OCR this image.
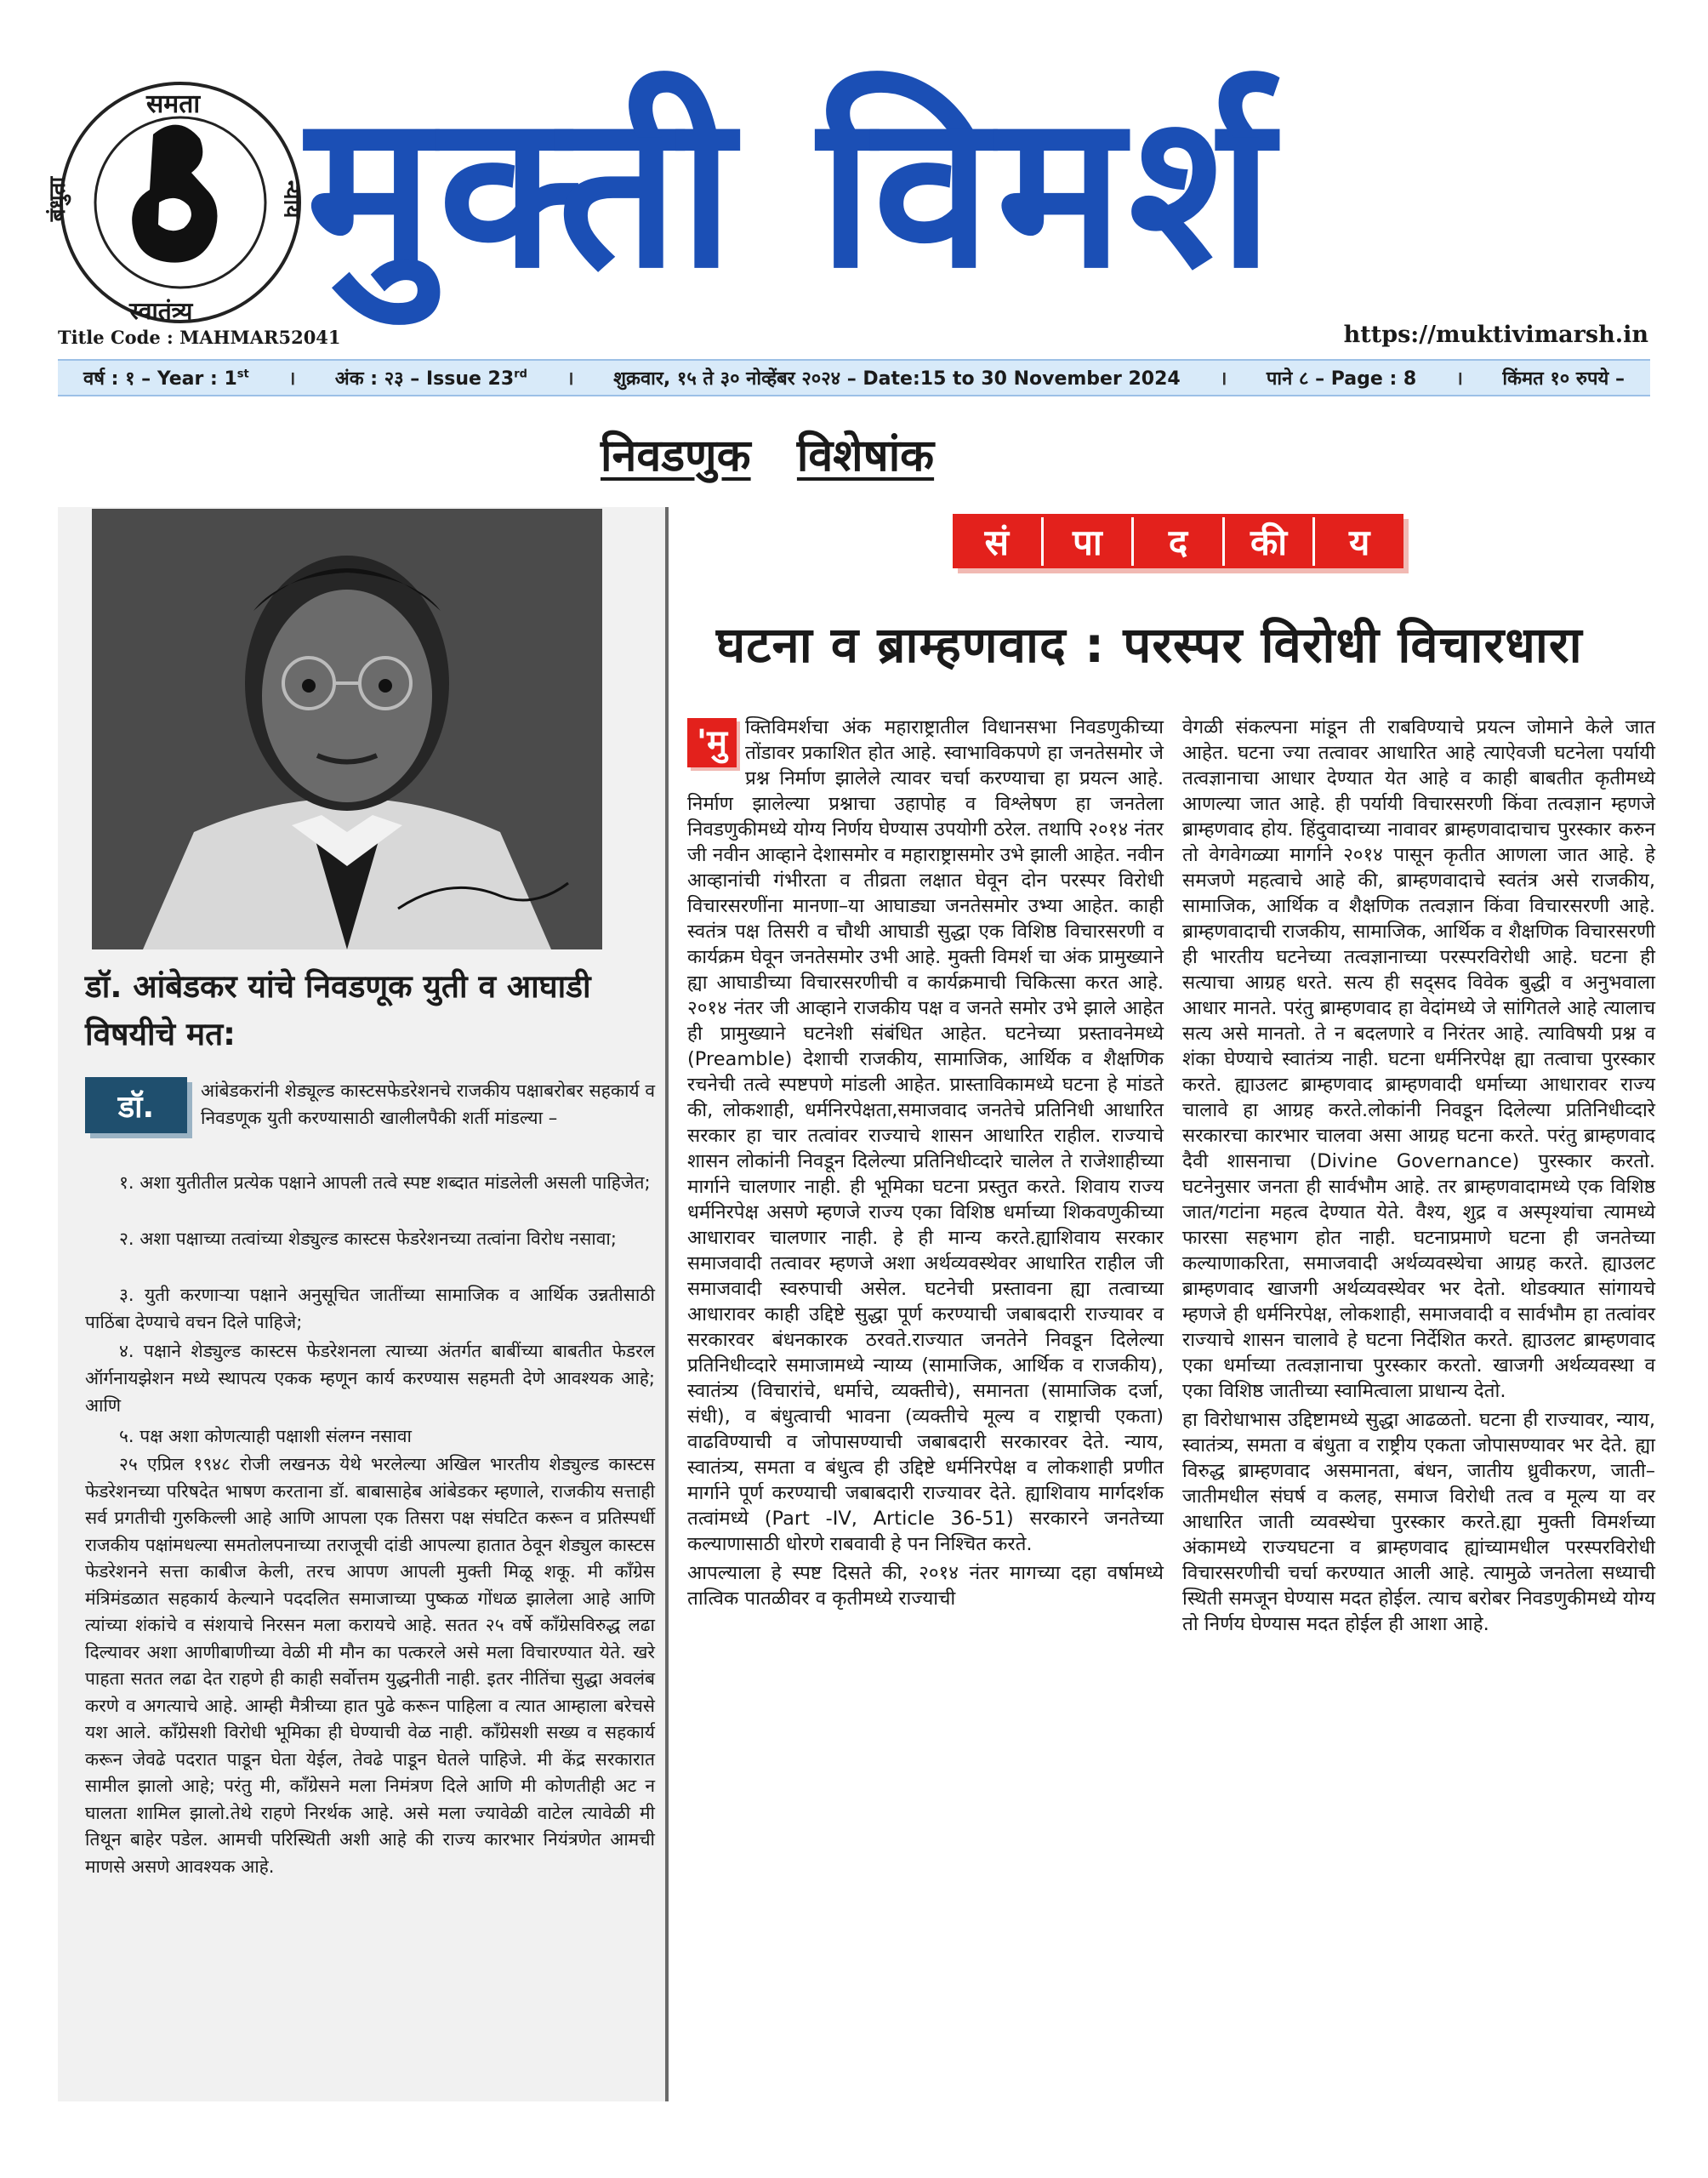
समता
बंधुता	न्याय
स्वातंत्र्य मुक्ती विमर्श
Title Code : MAHMAR52041	https://muktivimarsh.in
वर्ष : १ – Year : 1st । अंक : २३ – Issue 23rd । शुक्रवार, १५ ते ३० नोव्हेंबर २०२४ – Date:15 to 30 November 2024 । पाने ८ – Page : 8 । किंमत १० रुपये –
निवडणुक विशेषांक
डॉ. आंबेडकर यांचे निवडणूक युती व आघाडी विषयीचे मत:
डॉ.	आंबेडकरांनी शेड्यूल्ड कास्टसफेडरेशनचे राजकीय पक्षाबरोबर सहकार्य व निवडणूक युती करण्यासाठी खालीलपैकी शर्ती मांडल्या –

१. अशा युतीतील प्रत्येक पक्षाने आपली तत्वे स्पष्ट शब्दात मांडलेली असली पाहिजेत;

२. अशा पक्षाच्या तत्वांच्या शेड्युल्ड कास्टस फेडरेशनच्या तत्वांना विरोध नसावा;

३. युती करणाऱ्या पक्षाने अनुसूचित जातींच्या सामाजिक व आर्थिक उन्नतीसाठी पाठिंबा देण्याचे वचन दिले पाहिजे;

४. पक्षाने शेड्युल्ड कास्टस फेडरेशनला त्याच्या अंतर्गत बाबींच्या बाबतीत फेडरल ऑर्गनायझेशन मध्ये स्थापत्य एकक म्हणून कार्य करण्यास सहमती देणे आवश्यक आहे; आणि

५. पक्ष अशा कोणत्याही पक्षाशी संलग्न नसावा

२५ एप्रिल १९४८ रोजी लखनऊ येथे भरलेल्या अखिल भारतीय शेड्युल्ड कास्टस फेडरेशनच्या परिषदेत भाषण करताना डॉ. बाबासाहेब आंबेडकर म्हणाले, राजकीय सत्ताही सर्व प्रगतीची गुरुकिल्ली आहे आणि आपला एक तिसरा पक्ष संघटित करून व प्रतिस्पर्धी राजकीय पक्षांमधल्या समतोलपनाच्या तराजूची दांडी आपल्या हातात ठेवून शेड्युल कास्टस फेडरेशनने सत्ता काबीज केली, तरच आपण आपली मुक्ती मिळू शकू. मी कॉंग्रेस मंत्रिमंडळात सहकार्य केल्याने पददलित समाजाच्या पुष्कळ गोंधळ झालेला आहे आणि त्यांच्या शंकांचे व संशयाचे निरसन मला करायचे आहे. सतत २५ वर्षे कॉंग्रेसविरुद्ध लढा दिल्यावर अशा आणीबाणीच्या वेळी मी मौन का पत्करले असे मला विचारण्यात येते. खरे पाहता सतत लढा देत राहणे ही काही सर्वोत्तम युद्धनीती नाही. इतर नीतिंचा सुद्धा अवलंब करणे व अगत्याचे आहे. आम्ही मैत्रीच्या हात पुढे करून पाहिला व त्यात आम्हाला बरेचसे यश आले. कॉंग्रेसशी विरोधी भूमिका ही घेण्याची वेळ नाही. कॉंग्रेसशी सख्य व सहकार्य करून जेवढे पदरात पाडून घेता येईल, तेवढे पाडून घेतले पाहिजे. मी केंद्र सरकारात सामील झालो आहे; परंतु मी, कॉंग्रेसने मला निमंत्रण दिले आणि मी कोणतीही अट न घालता शामिल झालो.तेथे राहणे निरर्थक आहे. असे मला ज्यावेळी वाटेल त्यावेळी मी तिथून बाहेर पडेल. आमची परिस्थिती अशी आहे की राज्य कारभार नियंत्रणेत आमची माणसे असणे आवश्यक आहे.

सं	पा	द	की	य
घटना व ब्राम्हणवाद : परस्पर विरोधी विचारधारा

'मु क्तिविमर्शचा अंक महाराष्ट्रातील विधानसभा निवडणुकीच्या तोंडावर प्रकाशित होत आहे. स्वाभाविकपणे हा जनतेसमोर जे प्रश्न निर्माण झालेले त्यावर चर्चा करण्याचा हा प्रयत्न आहे. निर्माण झालेल्या प्रश्नाचा उहापोह व विश्लेषण हा जनतेला निवडणुकीमध्ये योग्य निर्णय घेण्यास उपयोगी ठरेल. तथापि २०१४ नंतर जी नवीन आव्हाने देशासमोर व महाराष्ट्रासमोर उभे झाली आहेत. नवीन आव्हानांची गंभीरता व तीव्रता लक्षात घेवून दोन परस्पर विरोधी विचारसरणींना मानणा–या आघाड्या जनतेसमोर उभ्या आहेत. काही स्वतंत्र पक्ष तिसरी व चौथी आघाडी सुद्धा एक विशिष्ठ विचारसरणी व कार्यक्रम घेवून जनतेसमोर उभी आहे. मुक्ती विमर्श चा अंक प्रामुख्याने ह्या आघाडीच्या विचारसरणीची व कार्यक्रमाची चिकित्सा करत आहे. २०१४ नंतर जी आव्हाने राजकीय पक्ष व जनते समोर उभे झाले आहेत ही प्रामुख्याने घटनेशी संबंधित आहेत. घटनेच्या प्रस्तावनेमध्ये (Preamble) देशाची राजकीय, सामाजिक, आर्थिक व शैक्षणिक रचनेची तत्वे स्पष्टपणे मांडली आहेत. प्रास्ताविकामध्ये घटना हे मांडते की, लोकशाही, धर्मनिरपेक्षता,समाजवाद जनतेचे प्रतिनिधी आधारित सरकार हा चार तत्वांवर राज्याचे शासन आधारित राहील. राज्याचे शासन लोकांनी निवडून दिलेल्या प्रतिनिधीव्दारे चालेल ते राजेशाहीच्या मार्गाने चालणार नाही. ही भूमिका घटना प्रस्तुत करते. शिवाय राज्य धर्मनिरपेक्ष असणे म्हणजे राज्य एका विशिष्ठ धर्माच्या शिकवणुकीच्या आधारावर चालणार नाही. हे ही मान्य करते.ह्याशिवाय सरकार समाजवादी तत्वावर म्हणजे अशा अर्थव्यवस्थेवर आधारित राहील जी समाजवादी स्वरुपाची असेल. घटनेची प्रस्तावना ह्या तत्वाच्या आधारावर काही उद्दिष्टे सुद्धा पूर्ण करण्याची जबाबदारी राज्यावर व सरकारवर बंधनकारक ठरवते.राज्यात जनतेने निवडून दिलेल्या प्रतिनिधीव्दारे समाजामध्ये न्याय्य (सामाजिक, आर्थिक व राजकीय), स्वातंत्र्य (विचारांचे, धर्माचे, व्यक्तीचे), समानता (सामाजिक दर्जा, संधी), व बंधुत्वाची भावना (व्यक्तीचे मूल्य व राष्ट्राची एकता) वाढविण्याची व जोपासण्याची जबाबदारी सरकारवर देते. न्याय, स्वातंत्र्य, समता व बंधुत्व ही उद्दिष्टे धर्मनिरपेक्ष व लोकशाही प्रणीत मार्गाने पूर्ण करण्याची जबाबदारी राज्यावर देते. ह्याशिवाय मार्गदर्शक तत्वांमध्ये (Part -IV, Article 36-51) सरकारने जनतेच्या कल्याणासाठी धोरणे राबवावी हे पन निश्चित करते.

आपल्याला हे स्पष्ट दिसते की, २०१४ नंतर मागच्या दहा वर्षामध्ये तात्विक पातळीवर व कृतीमध्ये राज्याची

वेगळी संकल्पना मांडून ती राबविण्याचे प्रयत्न जोमाने केले जात आहेत. घटना ज्या तत्वावर आधारित आहे त्याऐवजी घटनेला पर्यायी तत्वज्ञानाचा आधार देण्यात येत आहे व काही बाबतीत कृतीमध्ये आणल्या जात आहे. ही पर्यायी विचारसरणी किंवा तत्वज्ञान म्हणजे ब्राम्हणवाद होय. हिंदुवादाच्या नावावर ब्राम्हणवादाचाच पुरस्कार करुन तो वेगवेगळ्या मार्गाने २०१४ पासून कृतीत आणला जात आहे. हे समजणे महत्वाचे आहे की, ब्राम्हणवादाचे स्वतंत्र असे राजकीय, सामाजिक, आर्थिक व शैक्षणिक तत्वज्ञान किंवा विचारसरणी आहे. ब्राम्हणवादाची राजकीय, सामाजिक, आर्थिक व शैक्षणिक विचारसरणी ही भारतीय घटनेच्या तत्वज्ञानाच्या परस्परविरोधी आहे. घटना ही सत्याचा आग्रह धरते. सत्य ही सद्सद विवेक बुद्धी व अनुभवाला आधार मानते. परंतु ब्राम्हणवाद हा वेदांमध्ये जे सांगितले आहे त्यालाच सत्य असे मानतो. ते न बदलणारे व निरंतर आहे. त्याविषयी प्रश्न व शंका घेण्याचे स्वातंत्र्य नाही. घटना धर्मनिरपेक्ष ह्या तत्वाचा पुरस्कार करते. ह्याउलट ब्राम्हणवाद ब्राम्हणवादी धर्माच्या आधारावर राज्य चालावे हा आग्रह करते.लोकांनी निवडून दिलेल्या प्रतिनिधीव्दारे सरकारचा कारभार चालवा असा आग्रह घटना करते. परंतु ब्राम्हणवाद दैवी शासनाचा (Divine Governance) पुरस्कार करतो. घटनेनुसार जनता ही सार्वभौम आहे. तर ब्राम्हणवादामध्ये एक विशिष्ठ जात/गटांना महत्व देण्यात येते. वैश्य, शुद्र व अस्पृश्यांचा त्यामध्ये फारसा सहभाग होत नाही. घटनाप्रमाणे घटना ही जनतेच्या कल्याणाकरिता, समाजवादी अर्थव्यवस्थेचा आग्रह करते. ह्याउलट ब्राम्हणवाद खाजगी अर्थव्यवस्थेवर भर देतो. थोडक्यात सांगायचे म्हणजे ही धर्मनिरपेक्ष, लोकशाही, समाजवादी व सार्वभौम हा तत्वांवर राज्याचे शासन चालावे हे घटना निर्देशित करते. ह्याउलट ब्राम्हणवाद एका धर्माच्या तत्वज्ञानाचा पुरस्कार करतो. खाजगी अर्थव्यवस्था व एका विशिष्ठ जातीच्या स्वामित्वाला प्राधान्य देतो.

हा विरोधाभास उद्दिष्टामध्ये सुद्धा आढळतो. घटना ही राज्यावर, न्याय, स्वातंत्र्य, समता व बंधुता व राष्ट्रीय एकता जोपासण्यावर भर देते. ह्या विरुद्ध ब्राम्हणवाद असमानता, बंधन, जातीय ध्रुवीकरण, जाती–जातीमधील संघर्ष व कलह, समाज विरोधी तत्व व मूल्य या वर आधारित जाती व्यवस्थेचा पुरस्कार करते.ह्या मुक्ती विमर्शच्या अंकामध्ये राज्यघटना व ब्राम्हणवाद ह्यांच्यामधील परस्परविरोधी विचारसरणीची चर्चा करण्यात आली आहे. त्यामुळे जनतेला सध्याची स्थिती समजून घेण्यास मदत होईल. त्याच बरोबर निवडणुकीमध्ये योग्य तो निर्णय घेण्यास मदत होईल ही आशा आहे.
